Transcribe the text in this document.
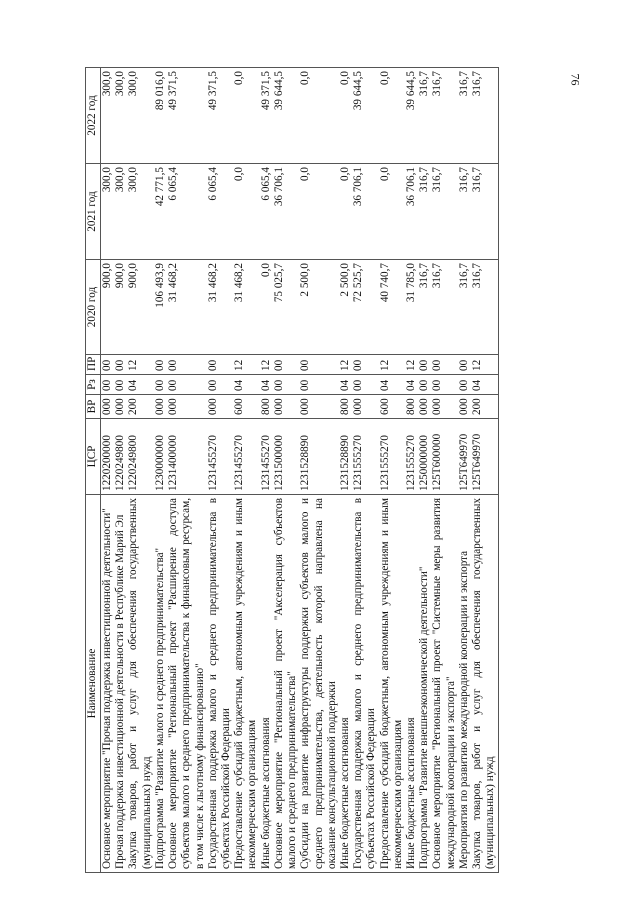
76
Наименование	ЦСР	ВР	Рз	ПР	2020 год	2021 год	2022 год
Основное мероприятие "Прочая поддержка инвестиционной деятельности"	1220200000	000	00	00	900,0	300,0	300,0
Прочая поддержка инвестиционной деятельности в Республике Марий Эл	1220249800	000	00	00	900,0	300,0	300,0
Закупка товаров, работ и услуг для обеспечения государственных (муниципальных) нужд	1220249800	200	04	12	900,0	300,0	300,0
Подпрограмма "Развитие малого и среднего предпринимательства"	1230000000	000	00	00	106 493,9	42 771,5	89 016,0
Основное мероприятие "Региональный проект "Расширение доступа субъектов малого и среднего предпринимательства к финансовым ресурсам, в том числе к льготному финансированию"	1231400000	000	00	00	31 468,2	6 065,4	49 371,5
Государственная поддержка малого и среднего предпринимательства в субъектах Российской Федерации	1231455270	000	00	00	31 468,2	6 065,4	49 371,5
Предоставление субсидий бюджетным, автономным учреждениям и иным некоммерческим организациям	1231455270	600	04	12	31 468,2	0,0	0,0
Иные бюджетные ассигнования	1231455270	800	04	12	0,0	6 065,4	49 371,5
Основное мероприятие "Региональный проект "Акселерация субъектов малого и среднего предпринимательства"	1231500000	000	00	00	75 025,7	36 706,1	39 644,5
Субсидии на развитие инфраструктуры поддержки субъектов малого и среднего предпринимательства, деятельность которой направлена на оказание консультационной поддержки	1231528890	000	00	00	2 500,0	0,0	0,0
Иные бюджетные ассигнования	1231528890	800	04	12	2 500,0	0,0	0,0
Государственная поддержка малого и среднего предпринимательства в субъектах Российской Федерации	1231555270	000	00	00	72 525,7	36 706,1	39 644,5
Предоставление субсидий бюджетным, автономным учреждениям и иным некоммерческим организациям	1231555270	600	04	12	40 740,7	0,0	0,0
Иные бюджетные ассигнования	1231555270	800	04	12	31 785,0	36 706,1	39 644,5
Подпрограмма "Развитие внешнеэкономической деятельности"	1250000000	000	00	00	316,7	316,7	316,7
Основное мероприятие "Региональный проект "Системные меры развития международной кооперации и экспорта"	125T600000	000	00	00	316,7	316,7	316,7
Мероприятия по развитию международной кооперации и экспорта	125T649970	000	00	00	316,7	316,7	316,7
Закупка товаров, работ и услуг для обеспечения государственных (муниципальных) нужд	125T649970	200	04	12	316,7	316,7	316,7
